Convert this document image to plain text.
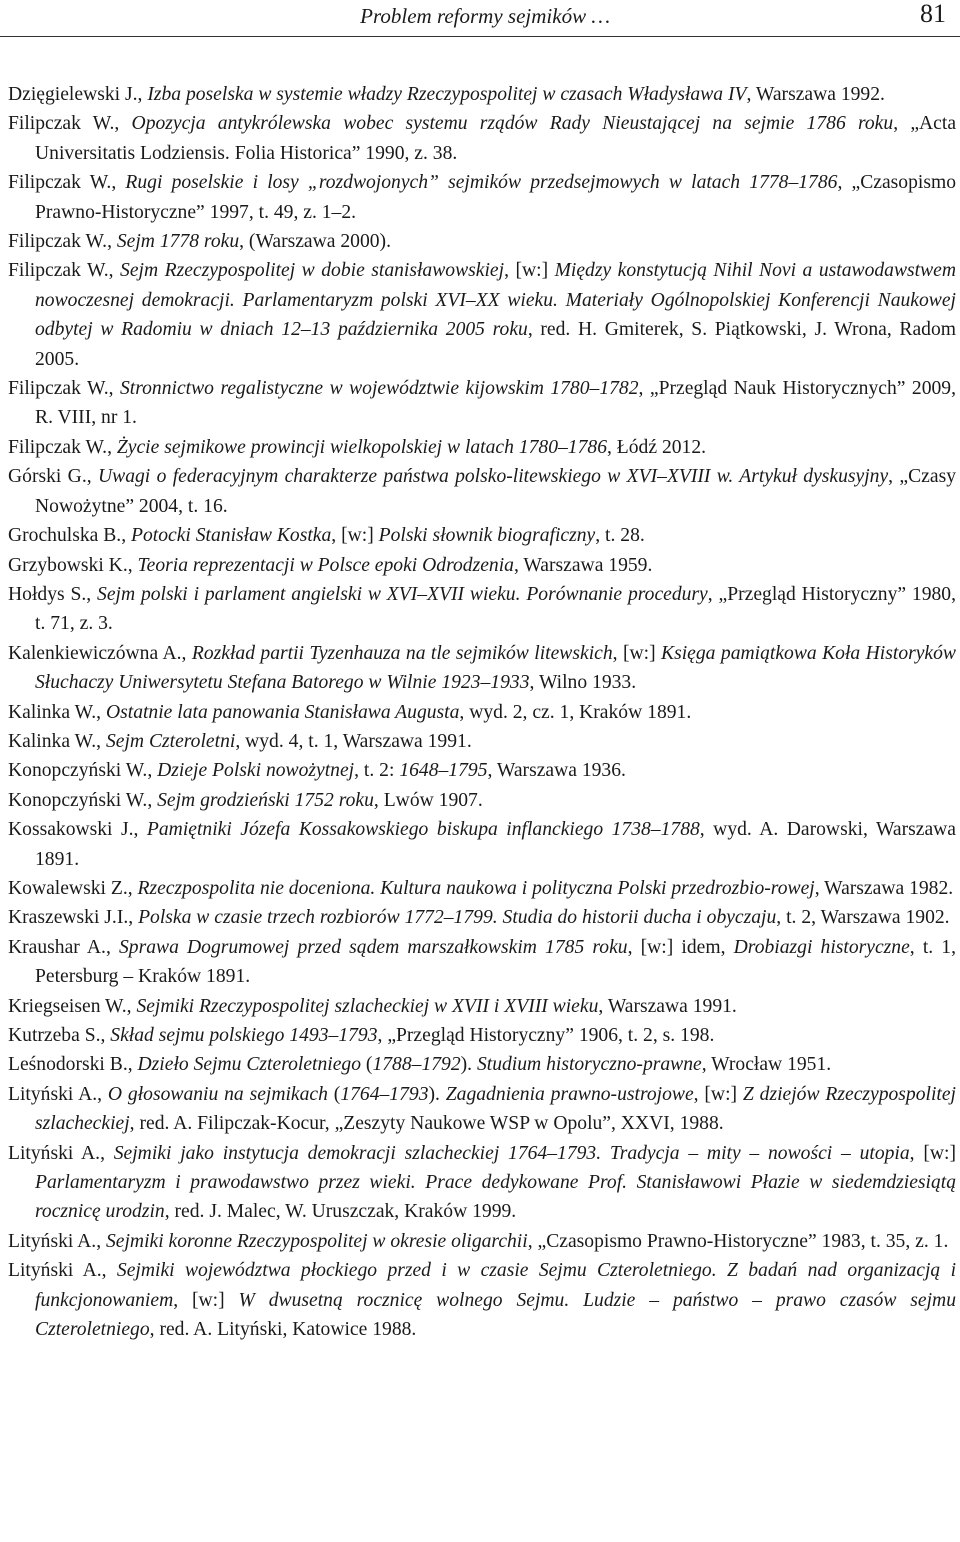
Problem reformy sejmików …	81
Dzięgielewski J., Izba poselska w systemie władzy Rzeczypospolitej w czasach Władysława IV, Warszawa 1992.
Filipczak W., Opozycja antykrólewska wobec systemu rządów Rady Nieustającej na sejmie 1786 roku, „Acta Universitatis Lodziensis. Folia Historica” 1990, z. 38.
Filipczak W., Rugi poselskie i losy „rozdwojonych” sejmików przedsejmowych w latach 1778–1786, „Czasopismo Prawno-Historyczne” 1997, t. 49, z. 1–2.
Filipczak W., Sejm 1778 roku, (Warszawa 2000).
Filipczak W., Sejm Rzeczypospolitej w dobie stanisławowskiej, [w:] Między konstytucją Nihil Novi a ustawodawstwem nowoczesnej demokracji. Parlamentaryzm polski XVI–XX wieku. Materiały Ogólnopolskiej Konferencji Naukowej odbytej w Radomiu w dniach 12–13 października 2005 roku, red. H. Gmiterek, S. Piątkowski, J. Wrona, Radom 2005.
Filipczak W., Stronnictwo regalistyczne w województwie kijowskim 1780–1782, „Przegląd Nauk Historycznych” 2009, R. VIII, nr 1.
Filipczak W., Życie sejmikowe prowincji wielkopolskiej w latach 1780–1786, Łódź 2012.
Górski G., Uwagi o federacyjnym charakterze państwa polsko-litewskiego w XVI–XVIII w. Artykuł dyskusyjny, „Czasy Nowożytne” 2004, t. 16.
Grochulska B., Potocki Stanisław Kostka, [w:] Polski słownik biograficzny, t. 28.
Grzybowski K., Teoria reprezentacji w Polsce epoki Odrodzenia, Warszawa 1959.
Hołdys S., Sejm polski i parlament angielski w XVI–XVII wieku. Porównanie procedury, „Przegląd Historyczny” 1980, t. 71, z. 3.
Kalenkiewiczówna A., Rozkład partii Tyzenhauza na tle sejmików litewskich, [w:] Księga pamiątkowa Koła Historyków Słuchaczy Uniwersytetu Stefana Batorego w Wilnie 1923–1933, Wilno 1933.
Kalinka W., Ostatnie lata panowania Stanisława Augusta, wyd. 2, cz. 1, Kraków 1891.
Kalinka W., Sejm Czteroletni, wyd. 4, t. 1, Warszawa 1991.
Konopczyński W., Dzieje Polski nowożytnej, t. 2: 1648–1795, Warszawa 1936.
Konopczyński W., Sejm grodzieński 1752 roku, Lwów 1907.
Kossakowski J., Pamiętniki Józefa Kossakowskiego biskupa inflanckiego 1738–1788, wyd. A. Darowski, Warszawa 1891.
Kowalewski Z., Rzeczpospolita nie doceniona. Kultura naukowa i polityczna Polski przedrozbio-rowej, Warszawa 1982.
Kraszewski J.I., Polska w czasie trzech rozbiorów 1772–1799. Studia do historii ducha i obyczaju, t. 2, Warszawa 1902.
Kraushar A., Sprawa Dogrumowej przed sądem marszałkowskim 1785 roku, [w:] idem, Drobiazgi historyczne, t. 1, Petersburg – Kraków 1891.
Kriegseisen W., Sejmiki Rzeczypospolitej szlacheckiej w XVII i XVIII wieku, Warszawa 1991.
Kutrzeba S., Skład sejmu polskiego 1493–1793, „Przegląd Historyczny” 1906, t. 2, s. 198.
Leśnodorski B., Dzieło Sejmu Czteroletniego (1788–1792). Studium historyczno-prawne, Wrocław 1951.
Lityński A., O głosowaniu na sejmikach (1764–1793). Zagadnienia prawno-ustrojowe, [w:] Z dziejów Rzeczypospolitej szlacheckiej, red. A. Filipczak-Kocur, „Zeszyty Naukowe WSP w Opolu”, XXVI, 1988.
Lityński A., Sejmiki jako instytucja demokracji szlacheckiej 1764–1793. Tradycja – mity – nowości – utopia, [w:] Parlamentaryzm i prawodawstwo przez wieki. Prace dedykowane Prof. Stanisławowi Płazie w siedemdziesiątą rocznicę urodzin, red. J. Malec, W. Uruszczak, Kraków 1999.
Lityński A., Sejmiki koronne Rzeczypospolitej w okresie oligarchii, „Czasopismo Prawno-Historyczne” 1983, t. 35, z. 1.
Lityński A., Sejmiki województwa płockiego przed i w czasie Sejmu Czteroletniego. Z badań nad organizacją i funkcjonowaniem, [w:] W dwusetną rocznicę wolnego Sejmu. Ludzie – państwo – prawo czasów sejmu Czteroletniego, red. A. Lityński, Katowice 1988.
